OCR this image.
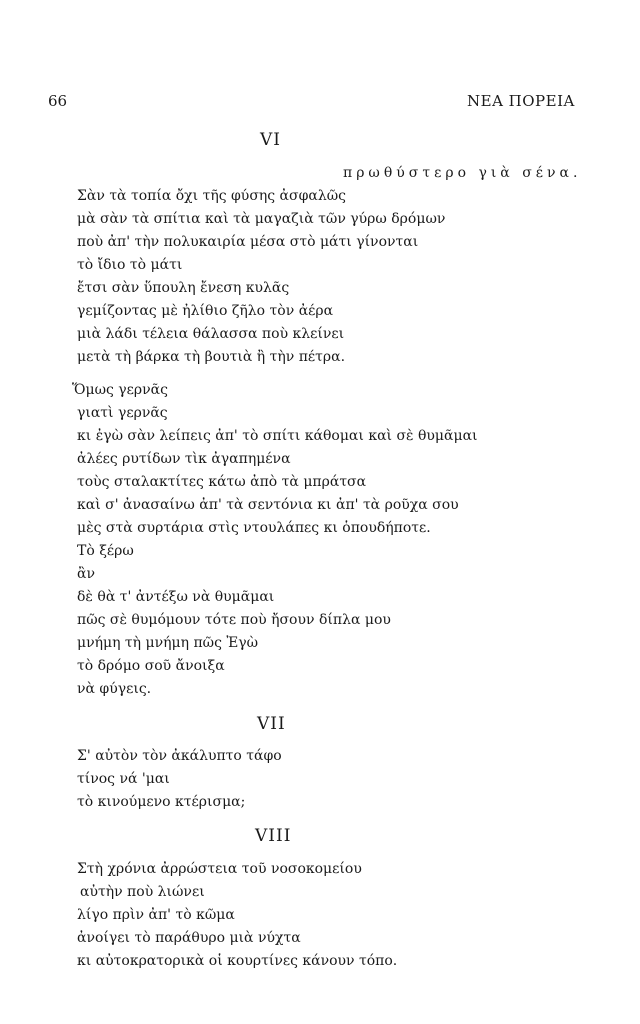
66	ΝΕΑ ΠΟΡΕΙΑ
VI
πρωθύστερο γιὰ σένα.
Σὰν τὰ τοπία ὄχι τῆς φύσης ἀσφαλῶς
μὰ σὰν τὰ σπίτια καὶ τὰ μαγαζιὰ τῶν γύρω δρόμων
ποὺ ἀπ' τὴν πολυκαιρία μέσα στὸ μάτι γίνονται
τὸ ἴδιο τὸ μάτι
ἔτσι σὰν ὕπουλη ἔνεση κυλᾶς
γεμίζοντας μὲ ἠλίθιο ζῆλο τὸν ἀέρα
μιὰ λάδι τέλεια θάλασσα ποὺ κλείνει
μετὰ τὴ βάρκα τὴ βουτιὰ ἢ τὴν πέτρα.
Ὅμως γερνᾶς
γιατὶ γερνᾶς
κι ἐγὼ σὰν λείπεις ἀπ' τὸ σπίτι κάθομαι καὶ σὲ θυμᾶμαι
ἀλέες ρυτίδων τὶκ ἀγαπημένα
τοὺς σταλακτίτες κάτω ἀπὸ τὰ μπράτσα
καὶ σ' ἀνασαίνω ἀπ' τὰ σεντόνια κι ἀπ' τὰ ροῦχα σου
μὲς στὰ συρτάρια στὶς ντουλάπες κι ὁπουδήποτε.
Τὸ ξέρω
ἂν
δὲ θὰ τ' ἀντέξω νὰ θυμᾶμαι
πῶς σὲ θυμόμουν τότε ποὺ ἤσουν δίπλα μου
μνήμη τὴ μνήμη πῶς Ἐγὼ
τὸ δρόμο σοῦ ἄνοιξα
νὰ φύγεις.
VII
Σ' αὐτὸν τὸν ἀκάλυπτο τάφο
τίνος νά 'μαι
τὸ κινούμενο κτέρισμα;
VIII
Στὴ χρόνια ἀρρώστεια τοῦ νοσοκομείου
αὐτὴν ποὺ λιώνει
λίγο πρὶν ἀπ' τὸ κῶμα
ἀνοίγει τὸ παράθυρο μιὰ νύχτα
κι αὐτοκρατορικὰ οἱ κουρτίνες κάνουν τόπο.
